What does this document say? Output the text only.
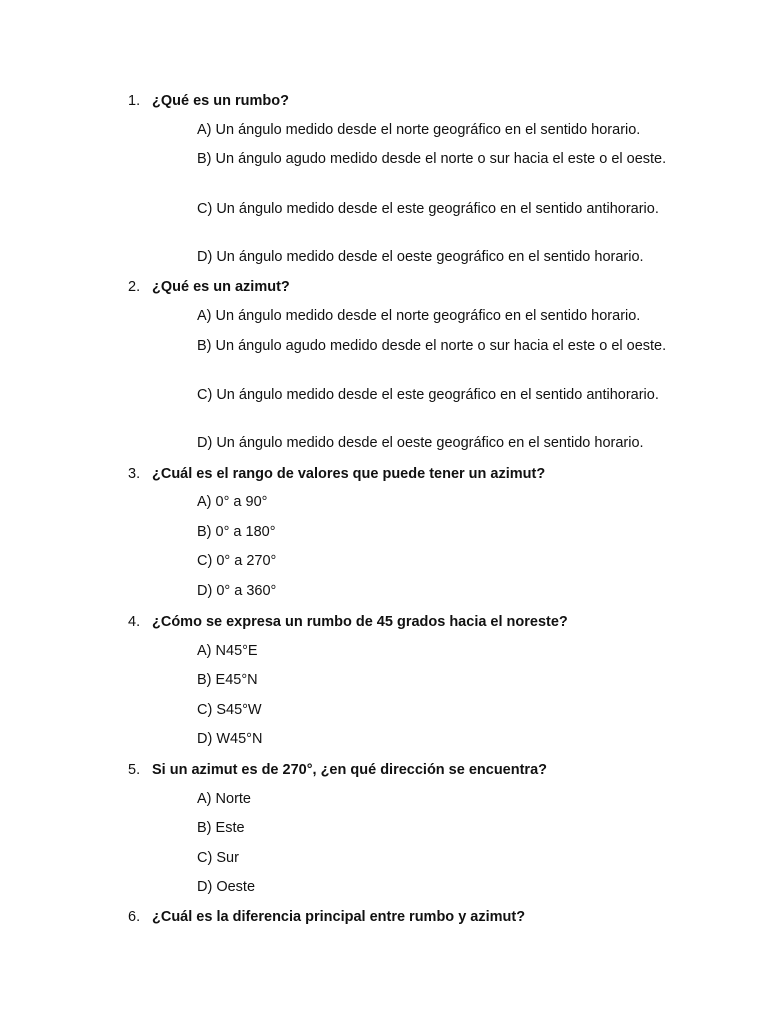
1. ¿Qué es un rumbo?
A) Un ángulo medido desde el norte geográfico en el sentido horario.
B) Un ángulo agudo medido desde el norte o sur hacia el este o el oeste.
C) Un ángulo medido desde el este geográfico en el sentido antihorario.
D) Un ángulo medido desde el oeste geográfico en el sentido horario.
2. ¿Qué es un azimut?
A) Un ángulo medido desde el norte geográfico en el sentido horario.
B) Un ángulo agudo medido desde el norte o sur hacia el este o el oeste.
C) Un ángulo medido desde el este geográfico en el sentido antihorario.
D) Un ángulo medido desde el oeste geográfico en el sentido horario.
3. ¿Cuál es el rango de valores que puede tener un azimut?
A) 0° a 90°
B) 0° a 180°
C) 0° a 270°
D) 0° a 360°
4. ¿Cómo se expresa un rumbo de 45 grados hacia el noreste?
A) N45°E
B) E45°N
C) S45°W
D) W45°N
5. Si un azimut es de 270°, ¿en qué dirección se encuentra?
A) Norte
B) Este
C) Sur
D) Oeste
6. ¿Cuál es la diferencia principal entre rumbo y azimut?
